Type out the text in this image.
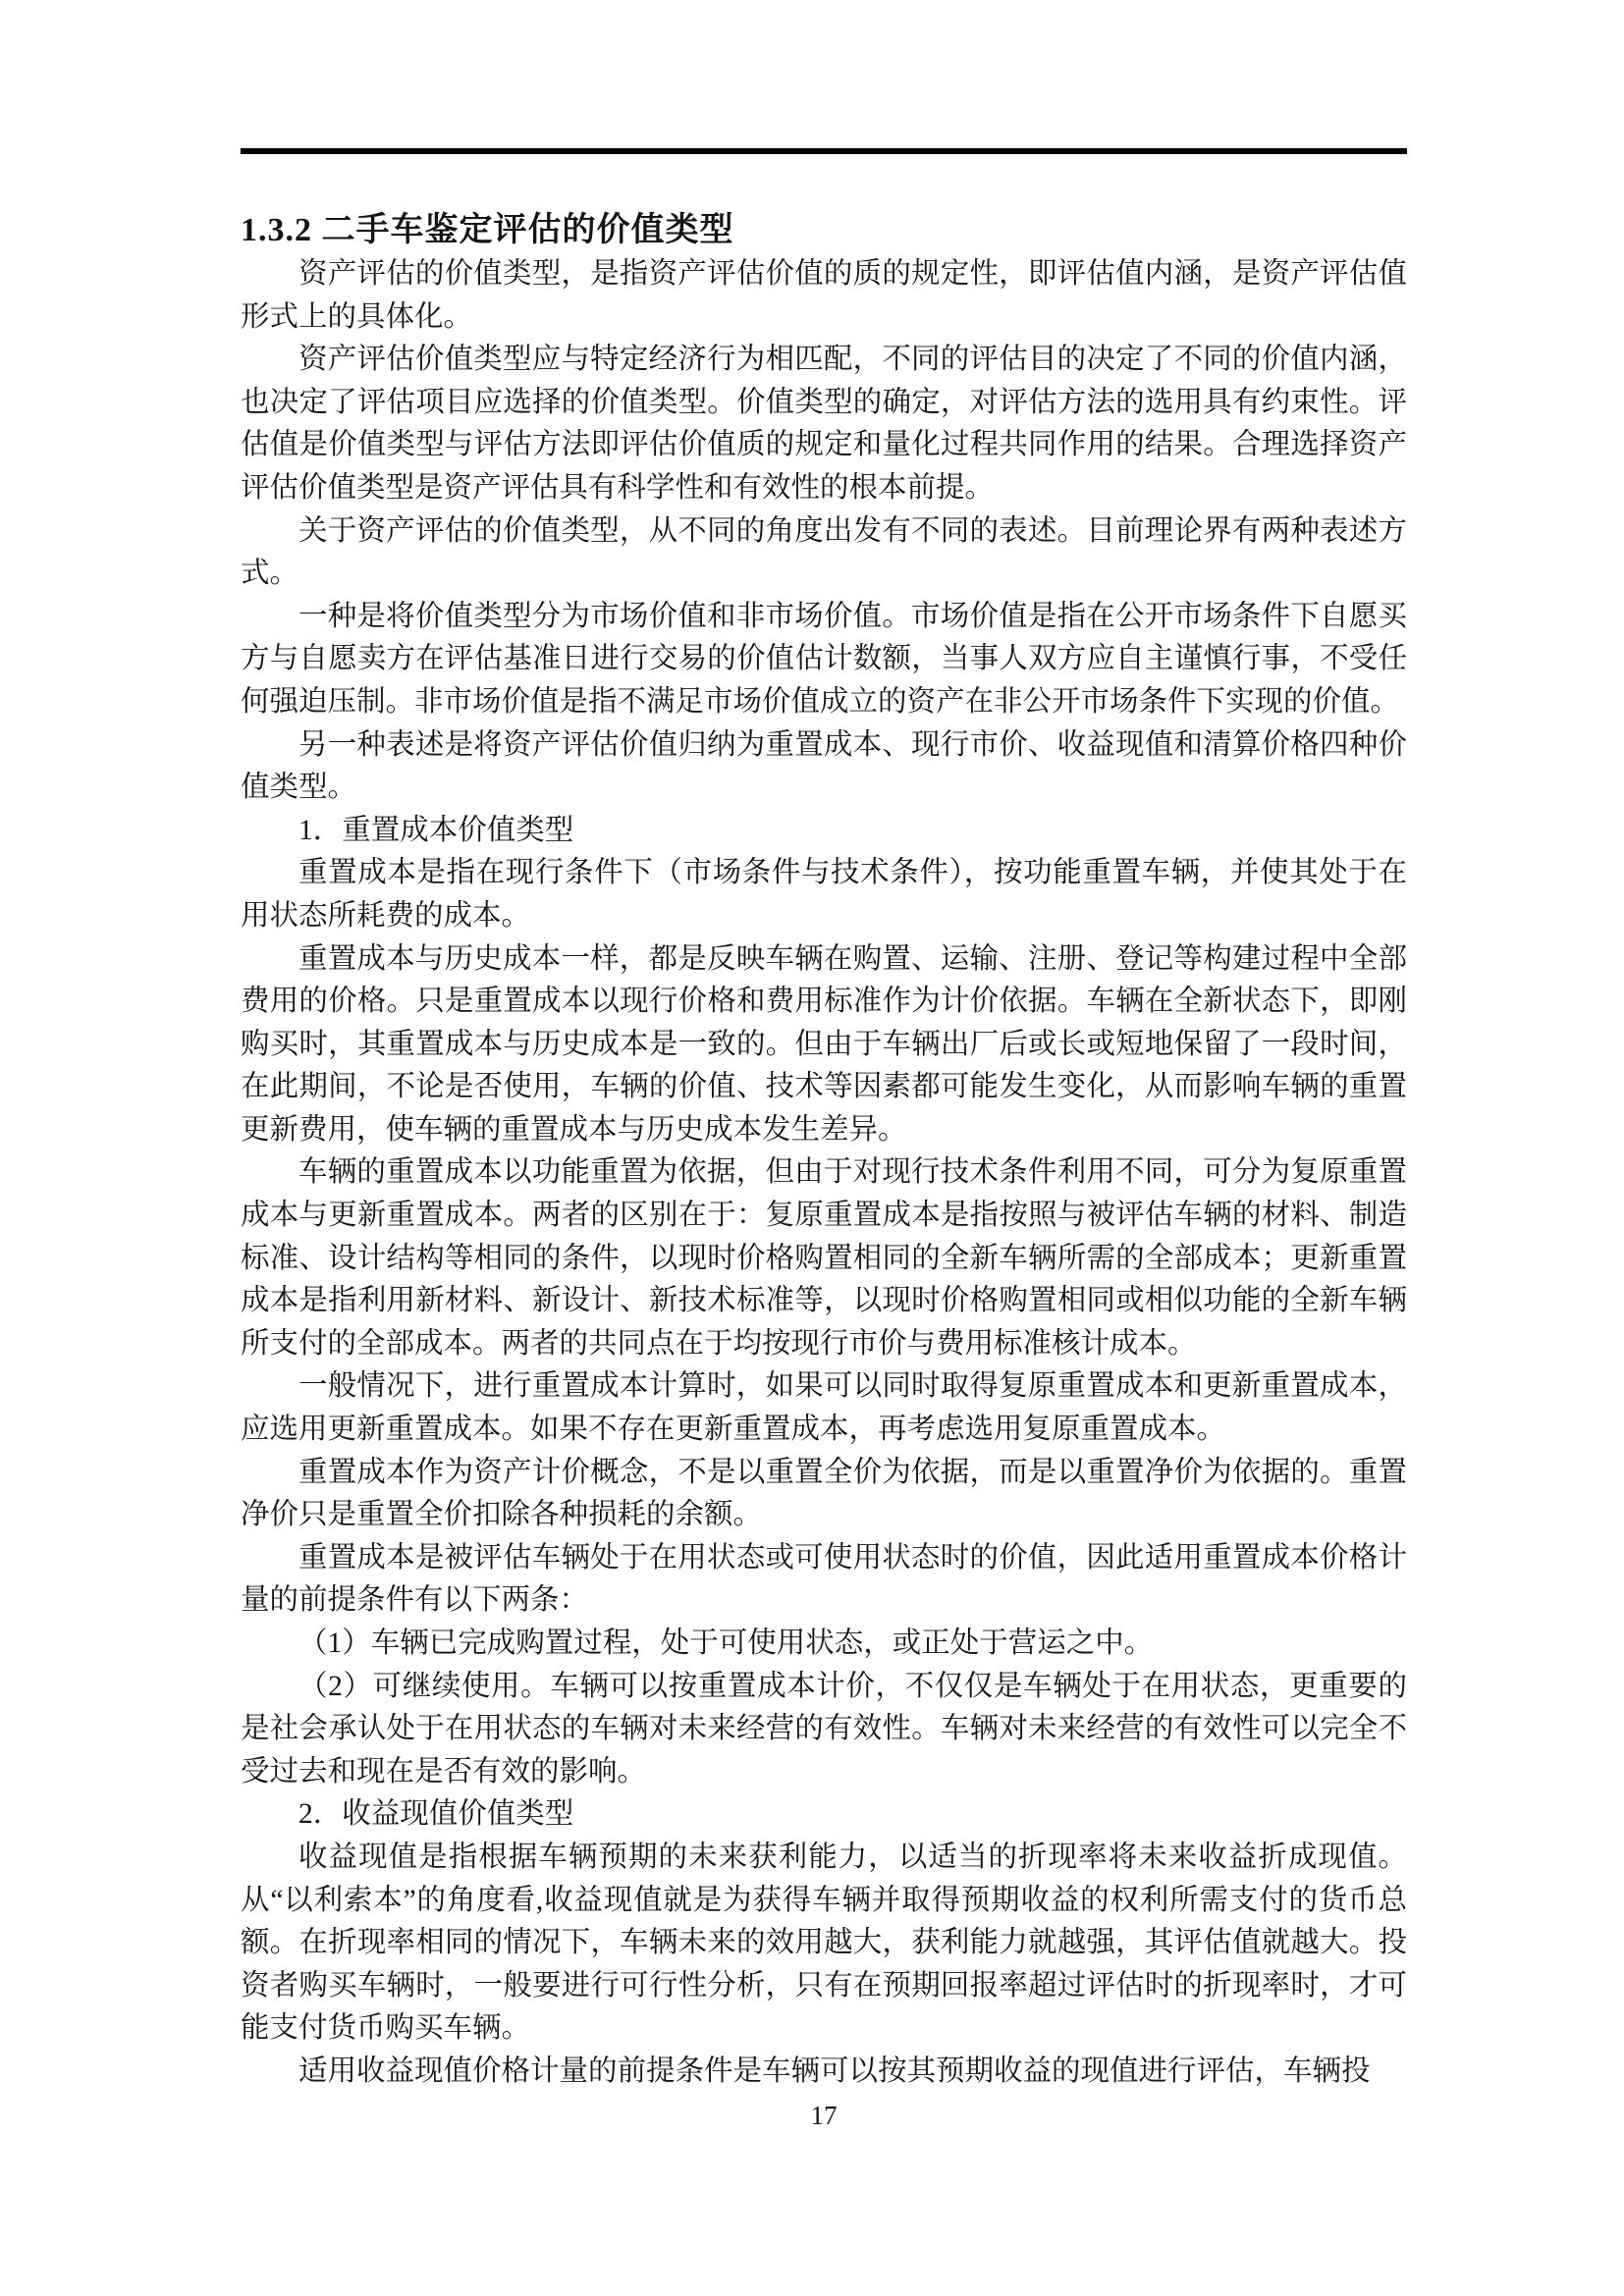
1.3.2 二手车鉴定评估的价值类型

资产评估的价值类型，是指资产评估价值的质的规定性，即评估值内涵，是资产评估值形式上的具体化。

资产评估价值类型应与特定经济行为相匹配，不同的评估目的决定了不同的价值内涵，也决定了评估项目应选择的价值类型。价值类型的确定，对评估方法的选用具有约束性。评估值是价值类型与评估方法即评估价值质的规定和量化过程共同作用的结果。合理选择资产评估价值类型是资产评估具有科学性和有效性的根本前提。

关于资产评估的价值类型，从不同的角度出发有不同的表述。目前理论界有两种表述方式。

一种是将价值类型分为市场价值和非市场价值。市场价值是指在公开市场条件下自愿买方与自愿卖方在评估基准日进行交易的价值估计数额，当事人双方应自主谨慎行事，不受任何强迫压制。非市场价值是指不满足市场价值成立的资产在非公开市场条件下实现的价值。

另一种表述是将资产评估价值归纳为重置成本、现行市价、收益现值和清算价格四种价值类型。

1．重置成本价值类型

重置成本是指在现行条件下（市场条件与技术条件），按功能重置车辆，并使其处于在用状态所耗费的成本。

重置成本与历史成本一样，都是反映车辆在购置、运输、注册、登记等构建过程中全部费用的价格。只是重置成本以现行价格和费用标准作为计价依据。车辆在全新状态下，即刚购买时，其重置成本与历史成本是一致的。但由于车辆出厂后或长或短地保留了一段时间，在此期间，不论是否使用，车辆的价值、技术等因素都可能发生变化，从而影响车辆的重置更新费用，使车辆的重置成本与历史成本发生差异。

车辆的重置成本以功能重置为依据，但由于对现行技术条件利用不同，可分为复原重置成本与更新重置成本。两者的区别在于：复原重置成本是指按照与被评估车辆的材料、制造标准、设计结构等相同的条件，以现时价格购置相同的全新车辆所需的全部成本；更新重置成本是指利用新材料、新设计、新技术标准等，以现时价格购置相同或相似功能的全新车辆所支付的全部成本。两者的共同点在于均按现行市价与费用标准核计成本。

一般情况下，进行重置成本计算时，如果可以同时取得复原重置成本和更新重置成本，应选用更新重置成本。如果不存在更新重置成本，再考虑选用复原重置成本。

重置成本作为资产计价概念，不是以重置全价为依据，而是以重置净价为依据的。重置净价只是重置全价扣除各种损耗的余额。

重置成本是被评估车辆处于在用状态或可使用状态时的价值，因此适用重置成本价格计量的前提条件有以下两条：

（1）车辆已完成购置过程，处于可使用状态，或正处于营运之中。

（2）可继续使用。车辆可以按重置成本计价，不仅仅是车辆处于在用状态，更重要的是社会承认处于在用状态的车辆对未来经营的有效性。车辆对未来经营的有效性可以完全不受过去和现在是否有效的影响。

2．收益现值价值类型

收益现值是指根据车辆预期的未来获利能力，以适当的折现率将未来收益折成现值。从“以利索本”的角度看,收益现值就是为获得车辆并取得预期收益的权利所需支付的货币总额。在折现率相同的情况下，车辆未来的效用越大，获利能力就越强，其评估值就越大。投资者购买车辆时，一般要进行可行性分析，只有在预期回报率超过评估时的折现率时，才可能支付货币购买车辆。

适用收益现值价格计量的前提条件是车辆可以按其预期收益的现值进行评估，车辆投

17
